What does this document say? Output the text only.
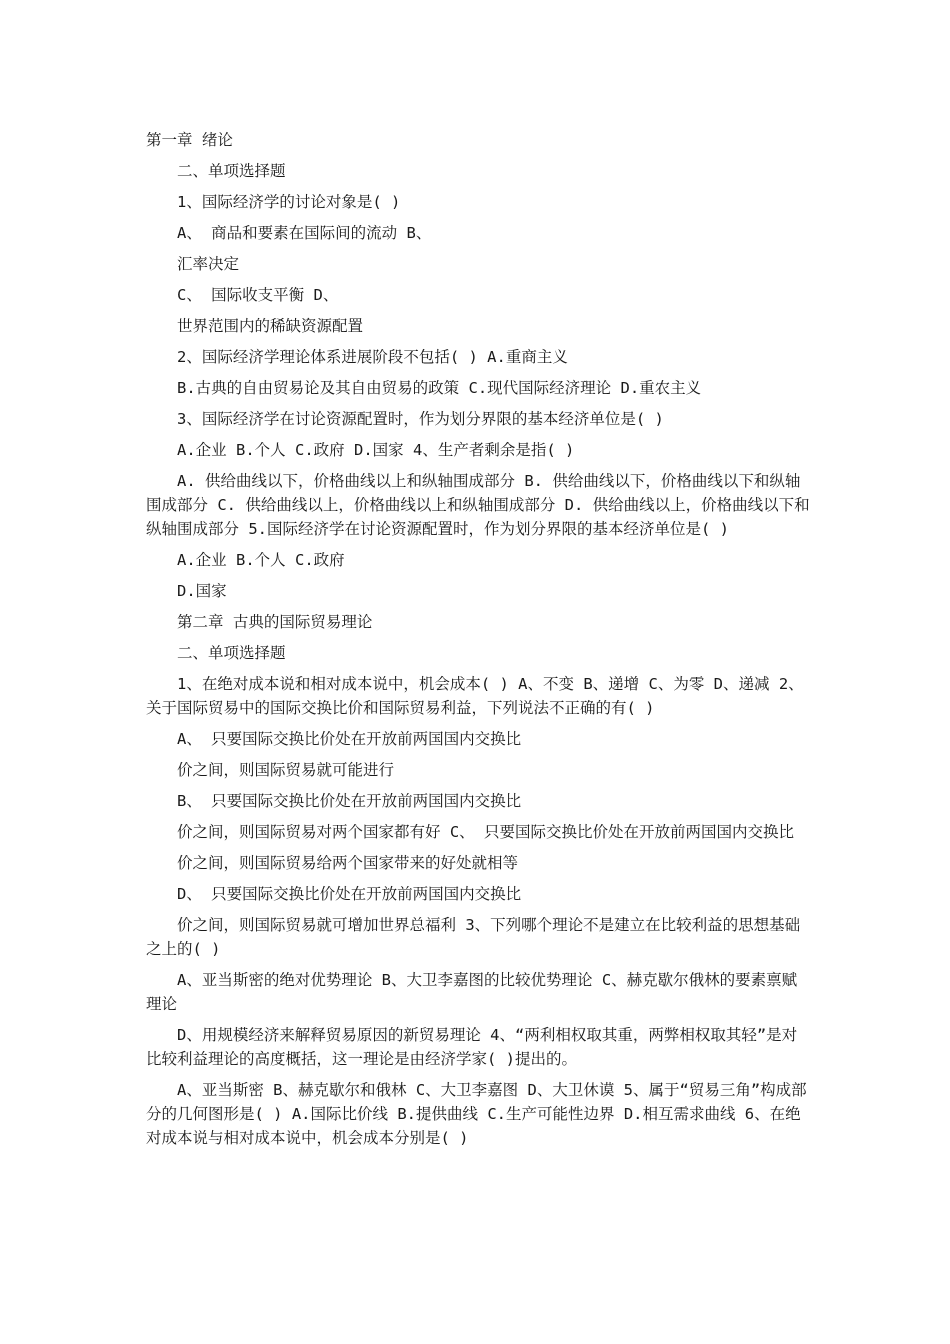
第一章 绪论

二、单项选择题

1、国际经济学的讨论对象是( )

A、 商品和要素在国际间的流动 B、

汇率决定

C、 国际收支平衡 D、

世界范围内的稀缺资源配置

2、国际经济学理论体系进展阶段不包括( ) A.重商主义

B.古典的自由贸易论及其自由贸易的政策 C.现代国际经济理论 D.重农主义

3、国际经济学在讨论资源配置时，作为划分界限的基本经济单位是( )

A.企业 B.个人 C.政府 D.国家 4、生产者剩余是指( )

A. 供给曲线以下，价格曲线以上和纵轴围成部分 B. 供给曲线以下，价格曲线以下和纵轴围成部分 C. 供给曲线以上，价格曲线以上和纵轴围成部分 D. 供给曲线以上，价格曲线以下和纵轴围成部分 5.国际经济学在讨论资源配置时，作为划分界限的基本经济单位是( )

A.企业 B.个人 C.政府

D.国家

第二章 古典的国际贸易理论

二、单项选择题

1、在绝对成本说和相对成本说中，机会成本( ) A、不变 B、递增 C、为零 D、递减 2、关于国际贸易中的国际交换比价和国际贸易利益，下列说法不正确的有( )

A、 只要国际交换比价处在开放前两国国内交换比

价之间，则国际贸易就可能进行

B、 只要国际交换比价处在开放前两国国内交换比

价之间，则国际贸易对两个国家都有好 C、 只要国际交换比价处在开放前两国国内交换比

价之间，则国际贸易给两个国家带来的好处就相等

D、 只要国际交换比价处在开放前两国国内交换比

价之间，则国际贸易就可增加世界总福利 3、下列哪个理论不是建立在比较利益的思想基础之上的( )

A、亚当斯密的绝对优势理论 B、大卫李嘉图的比较优势理论 C、赫克歇尔俄林的要素禀赋理论

D、用规模经济来解释贸易原因的新贸易理论 4、“两利相权取其重，两弊相权取其轻”是对比较利益理论的高度概括，这一理论是由经济学家( )提出的。

A、亚当斯密 B、赫克歇尔和俄林 C、大卫李嘉图 D、大卫休谟 5、属于“贸易三角”构成部分的几何图形是( ) A.国际比价线 B.提供曲线 C.生产可能性边界 D.相互需求曲线 6、在绝对成本说与相对成本说中，机会成本分别是( )
